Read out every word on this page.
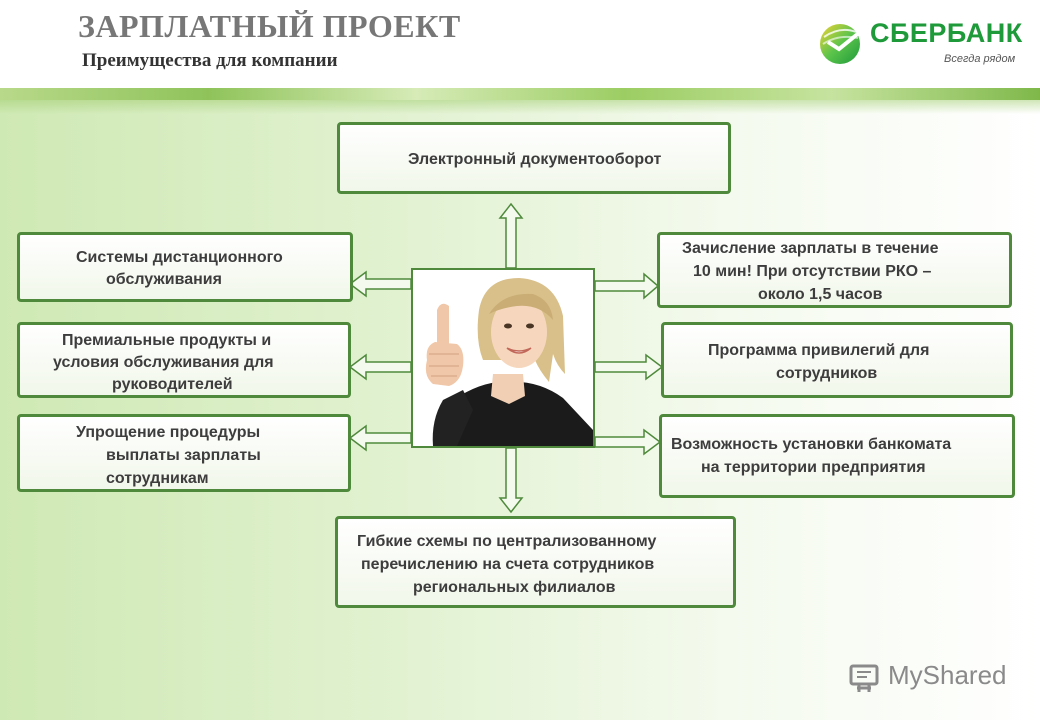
ЗАРПЛАТНЫЙ ПРОЕКТ
Преимущества для компании
СБЕРБАНК
Всегда рядом
Электронный документооборот
Системы дистанционного
обслуживания
Премиальные продукты и
условия обслуживания для
руководителей
Упрощение процедуры
выплаты зарплаты
сотрудникам
Зачисление зарплаты в течение
10 мин! При отсутствии РКО –
около 1,5 часов
Программа привилегий для
сотрудников
Возможность установки банкомата
на территории предприятия
Гибкие схемы по централизованному
перечислению на счета сотрудников
региональных филиалов
MyShared
